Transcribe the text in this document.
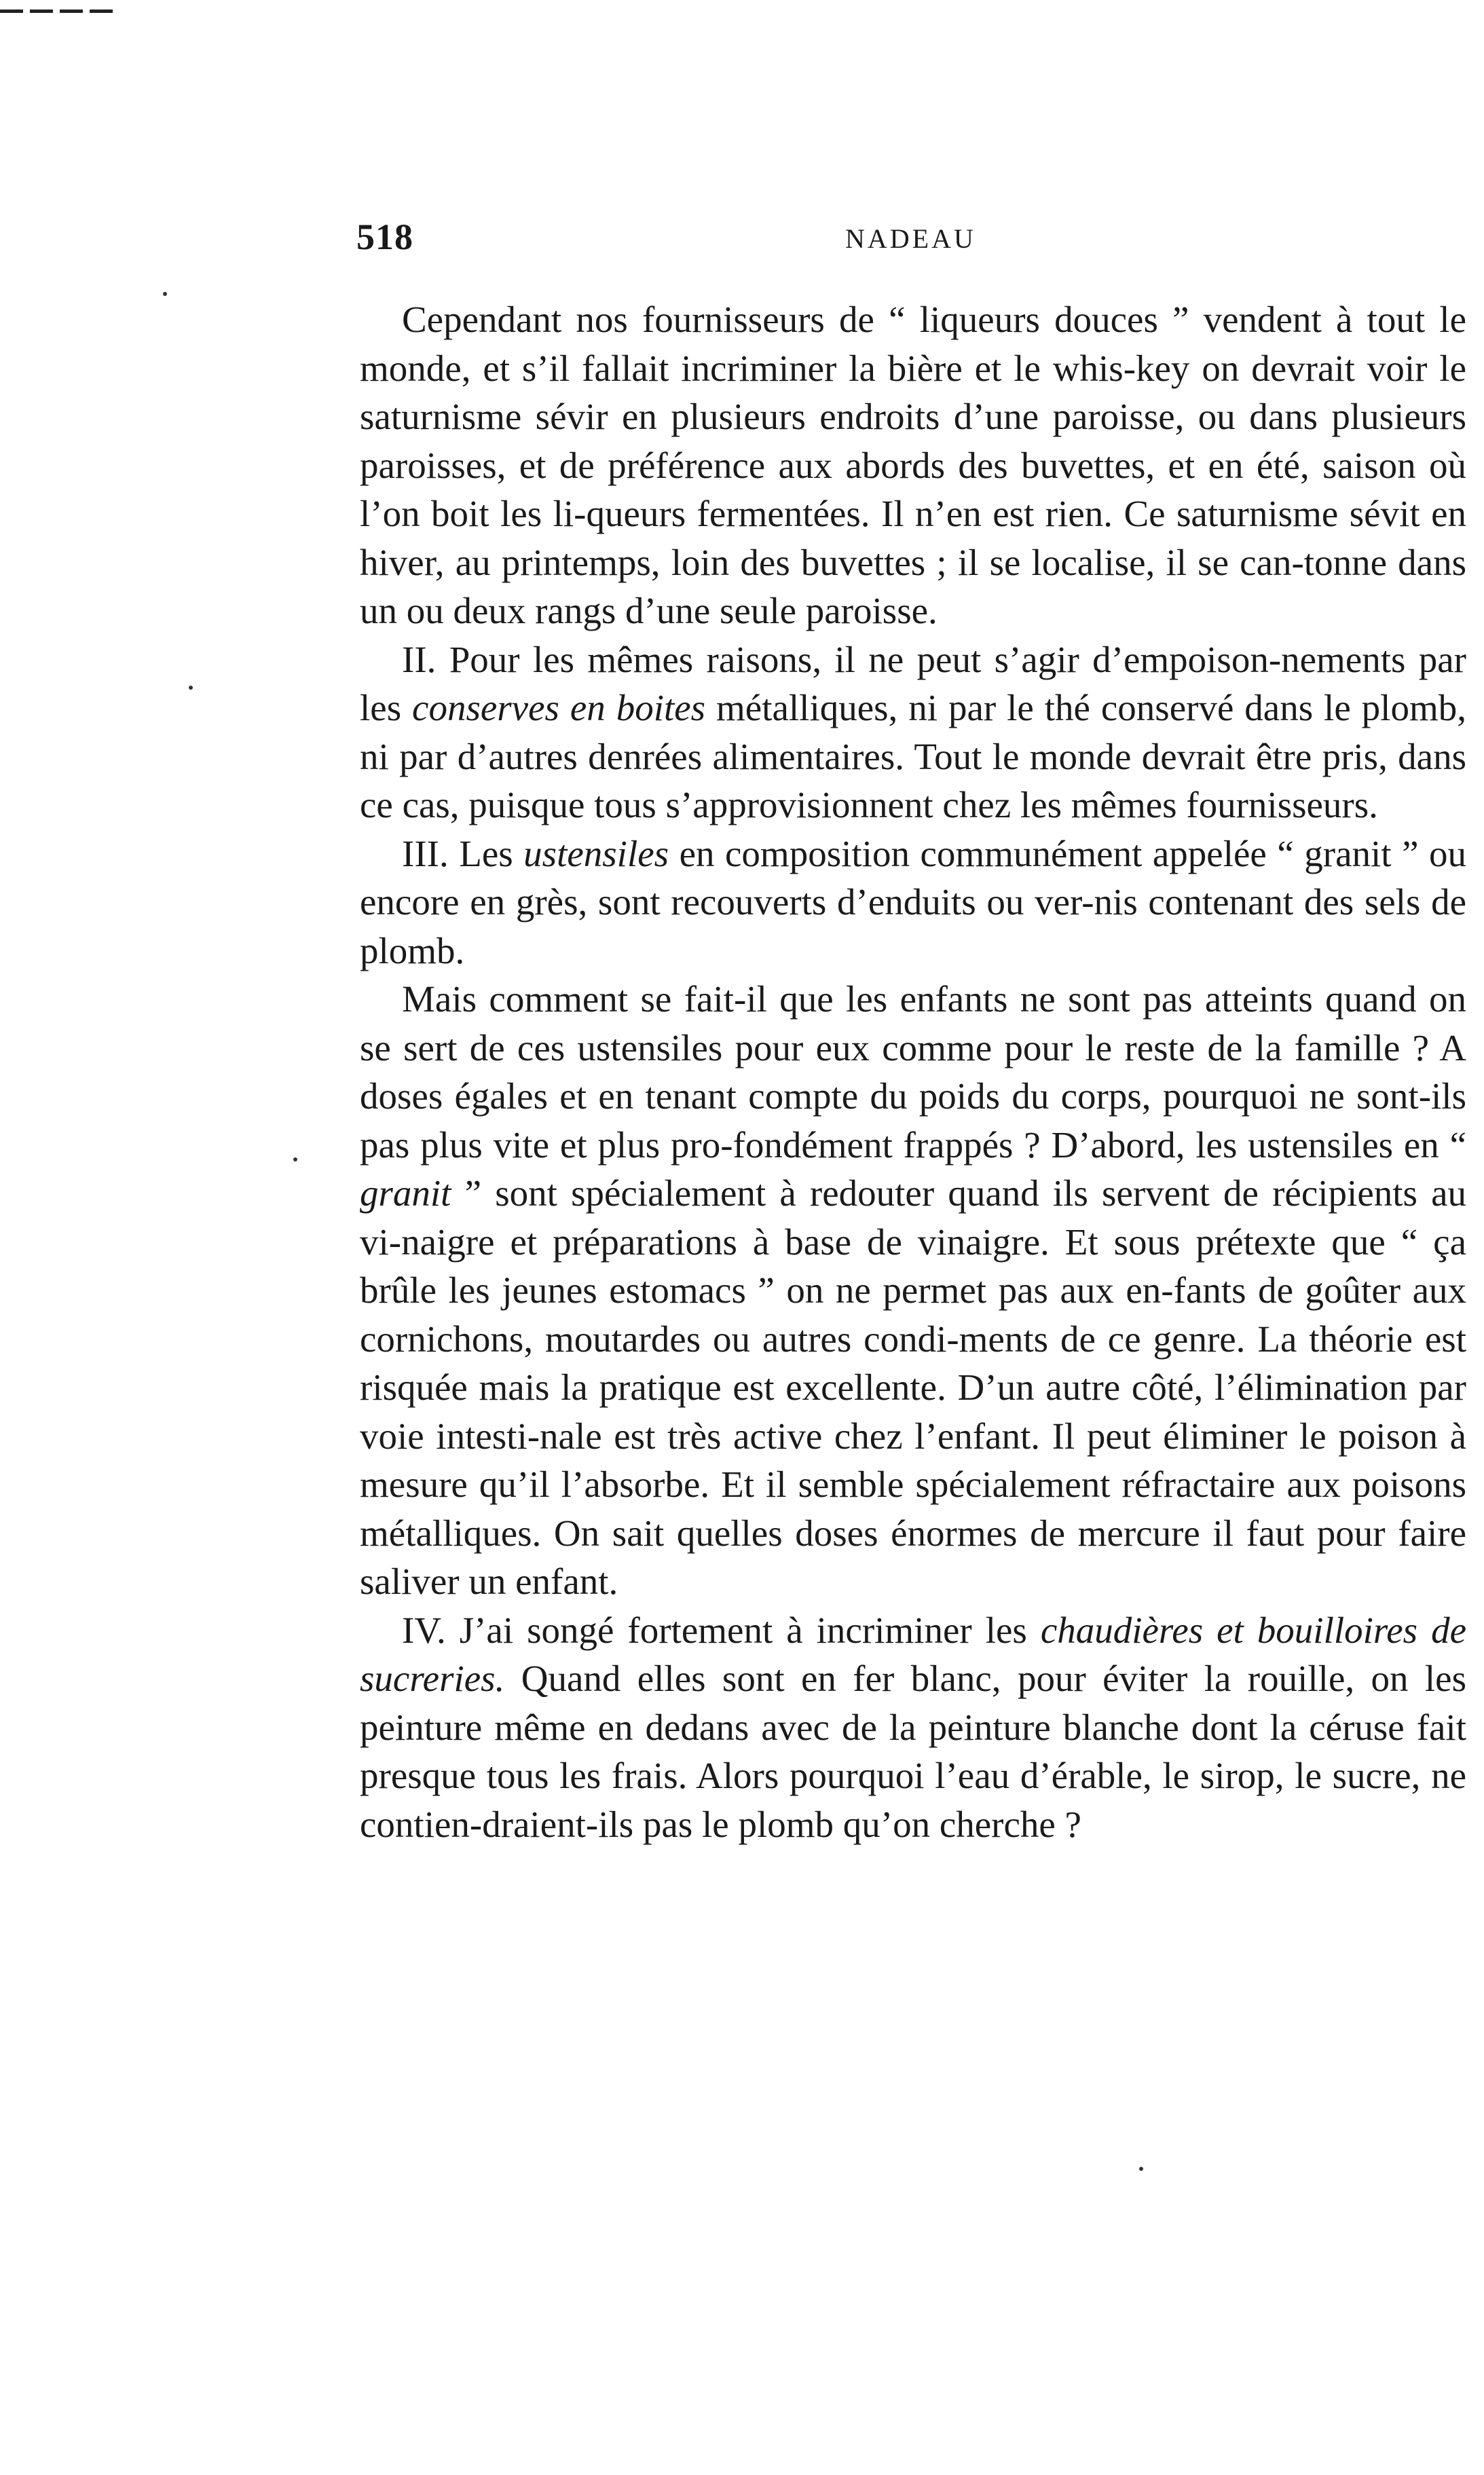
518	NADEAU

Cependant nos fournisseurs de “ liqueurs douces ” vendent à tout le monde, et s’il fallait incriminer la bière et le whis-key on devrait voir le saturnisme sévir en plusieurs endroits d’une paroisse, ou dans plusieurs paroisses, et de préférence aux abords des buvettes, et en été, saison où l’on boit les li-queurs fermentées. Il n’en est rien. Ce saturnisme sévit en hiver, au printemps, loin des buvettes ; il se localise, il se can-tonne dans un ou deux rangs d’une seule paroisse.

II. Pour les mêmes raisons, il ne peut s’agir d’empoison-nements par les conserves en boites métalliques, ni par le thé conservé dans le plomb, ni par d’autres denrées alimentaires. Tout le monde devrait être pris, dans ce cas, puisque tous s’approvisionnent chez les mêmes fournisseurs.

III. Les ustensiles en composition communément appelée “ granit ” ou encore en grès, sont recouverts d’enduits ou ver-nis contenant des sels de plomb.

Mais comment se fait-il que les enfants ne sont pas atteints quand on se sert de ces ustensiles pour eux comme pour le reste de la famille ? A doses égales et en tenant compte du poids du corps, pourquoi ne sont-ils pas plus vite et plus pro-fondément frappés ? D’abord, les ustensiles en “ granit ” sont spécialement à redouter quand ils servent de récipients au vi-naigre et préparations à base de vinaigre. Et sous prétexte que “ ça brûle les jeunes estomacs ” on ne permet pas aux en-fants de goûter aux cornichons, moutardes ou autres condi-ments de ce genre. La théorie est risquée mais la pratique est excellente. D’un autre côté, l’élimination par voie intesti-nale est très active chez l’enfant. Il peut éliminer le poison à mesure qu’il l’absorbe. Et il semble spécialement réfractaire aux poisons métalliques. On sait quelles doses énormes de mercure il faut pour faire saliver un enfant.

IV. J’ai songé fortement à incriminer les chaudières et bouilloires de sucreries. Quand elles sont en fer blanc, pour éviter la rouille, on les peinture même en dedans avec de la peinture blanche dont la céruse fait presque tous les frais. Alors pourquoi l’eau d’érable, le sirop, le sucre, ne contien-draient-ils pas le plomb qu’on cherche ?
